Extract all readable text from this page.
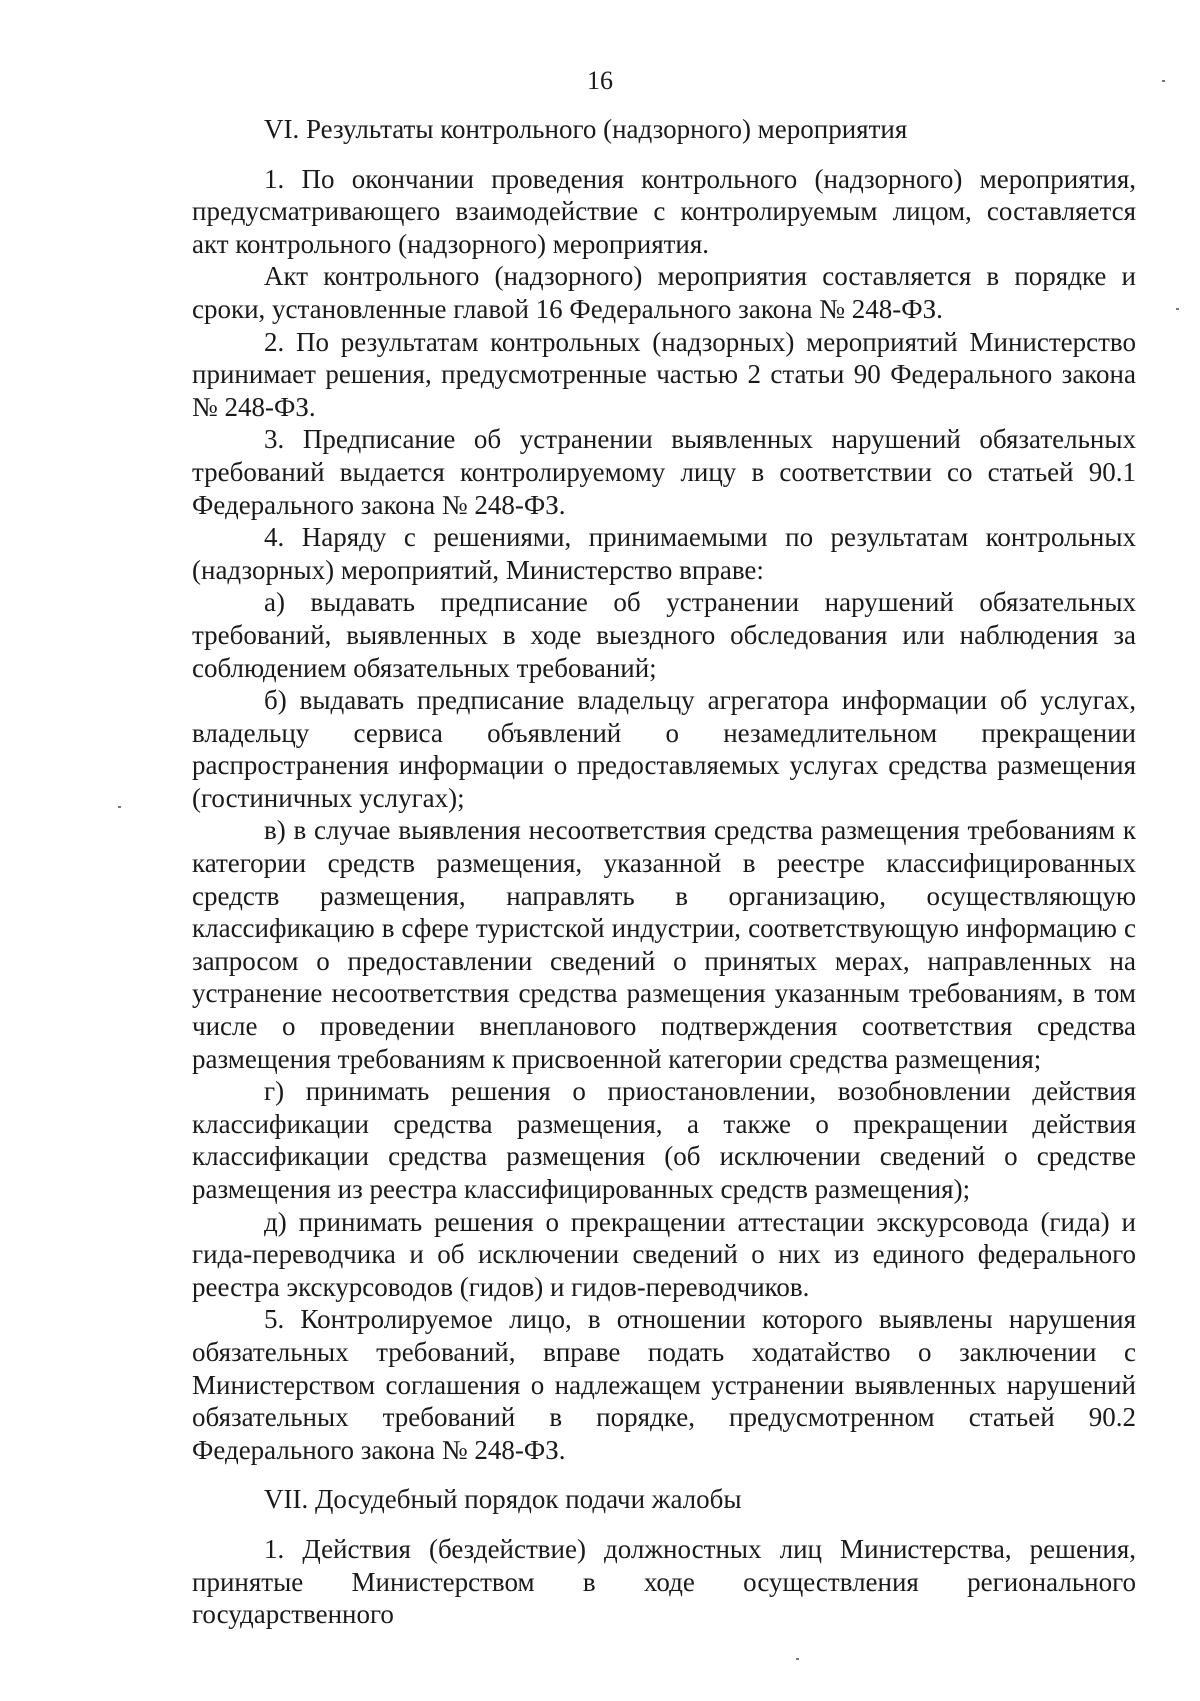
16

VI. Результаты контрольного (надзорного) мероприятия

1. По окончании проведения контрольного (надзорного) мероприятия, предусматривающего взаимодействие с контролируемым лицом, составляется акт контрольного (надзорного) мероприятия.

Акт контрольного (надзорного) мероприятия составляется в порядке и сроки, установленные главой 16 Федерального закона № 248-ФЗ.

2. По результатам контрольных (надзорных) мероприятий Министерство принимает решения, предусмотренные частью 2 статьи 90 Федерального закона № 248-ФЗ.

3. Предписание об устранении выявленных нарушений обязательных требований выдается контролируемому лицу в соответствии со статьей 90.1 Федерального закона № 248-ФЗ.

4. Наряду с решениями, принимаемыми по результатам контрольных (надзорных) мероприятий, Министерство вправе:

а) выдавать предписание об устранении нарушений обязательных требований, выявленных в ходе выездного обследования или наблюдения за соблюдением обязательных требований;

б) выдавать предписание владельцу агрегатора информации об услугах, владельцу сервиса объявлений о незамедлительном прекращении распространения информации о предоставляемых услугах средства размещения (гостиничных услугах);

в) в случае выявления несоответствия средства размещения требованиям к категории средств размещения, указанной в реестре классифицированных средств размещения, направлять в организацию, осуществляющую классификацию в сфере туристской индустрии, соответствующую информацию с запросом о предоставлении сведений о принятых мерах, направленных на устранение несоответствия средства размещения указанным требованиям, в том числе о проведении внепланового подтверждения соответствия средства размещения требованиям к присвоенной категории средства размещения;

г) принимать решения о приостановлении, возобновлении действия классификации средства размещения, а также о прекращении действия классификации средства размещения (об исключении сведений о средстве размещения из реестра классифицированных средств размещения);

д) принимать решения о прекращении аттестации экскурсовода (гида) и гида-переводчика и об исключении сведений о них из единого федерального реестра экскурсоводов (гидов) и гидов-переводчиков.

5. Контролируемое лицо, в отношении которого выявлены нарушения обязательных требований, вправе подать ходатайство о заключении с Министерством соглашения о надлежащем устранении выявленных нарушений обязательных требований в порядке, предусмотренном статьей 90.2 Федерального закона № 248-ФЗ.

VII. Досудебный порядок подачи жалобы

1. Действия (бездействие) должностных лиц Министерства, решения, принятые Министерством в ходе осуществления регионального государственного
